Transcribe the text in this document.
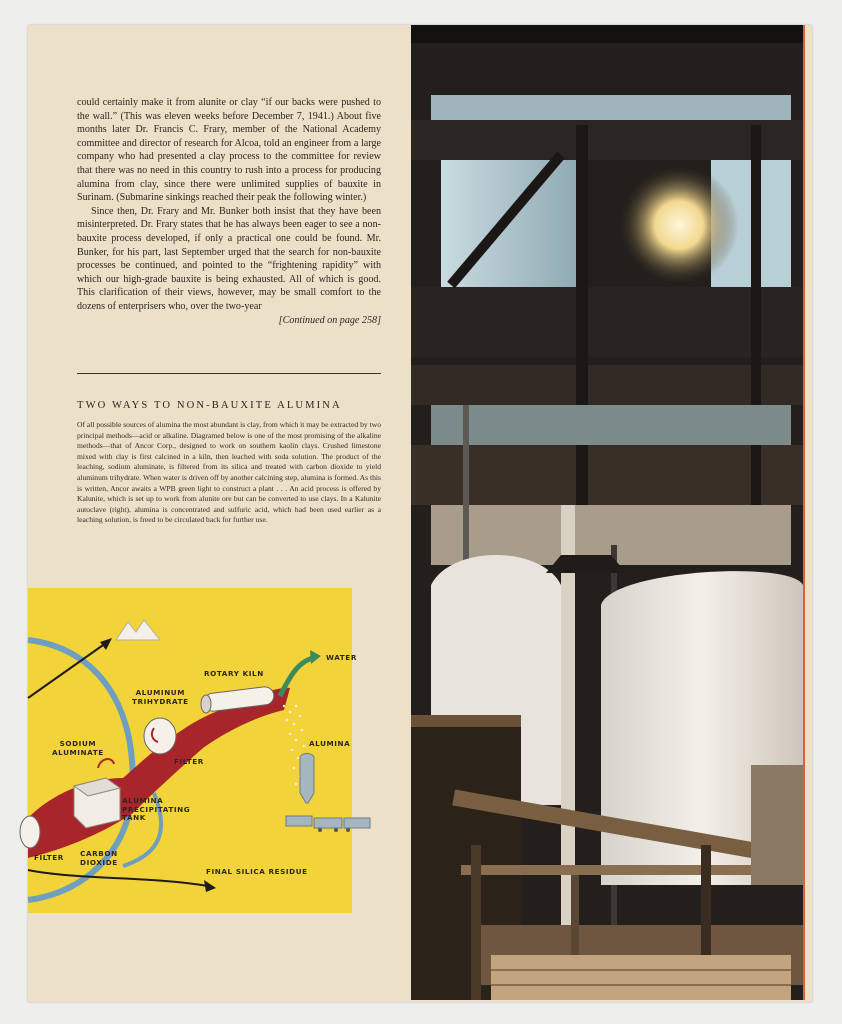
could certainly make it from alunite or clay “if our backs were pushed to the wall.” (This was eleven weeks before December 7, 1941.) About five months later Dr. Francis C. Frary, member of the National Academy committee and director of research for Alcoa, told an engineer from a large company who had presented a clay process to the committee for review that there was no need in this country to rush into a process for producing alumina from clay, since there were unlimited supplies of bauxite in Surinam. (Submarine sinkings reached their peak the following winter.)

Since then, Dr. Frary and Mr. Bunker both insist that they have been misinterpreted. Dr. Frary states that he has always been eager to see a non-bauxite process developed, if only a practical one could be found. Mr. Bunker, for his part, last September urged that the search for non-bauxite processes be continued, and pointed to the “frightening rapidity” with which our high-grade bauxite is being exhausted. All of which is good. This clarification of their views, however, may be small comfort to the dozens of enterprisers who, over the two-year
[Continued on page 258]

TWO WAYS TO NON-BAUXITE ALUMINA
Of all possible sources of alumina the most abundant is clay, from which it may be extracted by two principal methods—acid or alkaline. Diagramed below is one of the most promising of the alkaline methods—that of Ancor Corp., designed to work on southern kaolin clays. Crushed limestone mixed with clay is first calcined in a kiln, then leached with soda solution. The product of the leaching, sodium aluminate, is filtered from its silica and treated with carbon dioxide to yield aluminum trihydrate. When water is driven off by another calcining step, alumina is formed. As this is written, Ancor awaits a WPB green light to construct a plant . . . An acid process is offered by Kalunite, which is set up to work from alunite ore but can be converted to use clays. In a Kalunite autoclave (right), alumina is concentrated and sulfuric acid, which had been used earlier as a leaching solution, is freed to be circulated back for further use.
WATER
ROTARY KILN
ALUMINUM
TRIHYDRATE
ALUMINA
SODIUM
ALUMINATE
FILTER
ALUMINA
PRECIPITATING
TANK
FILTER CARBON
DIOXIDE
FINAL SILICA RESIDUE
